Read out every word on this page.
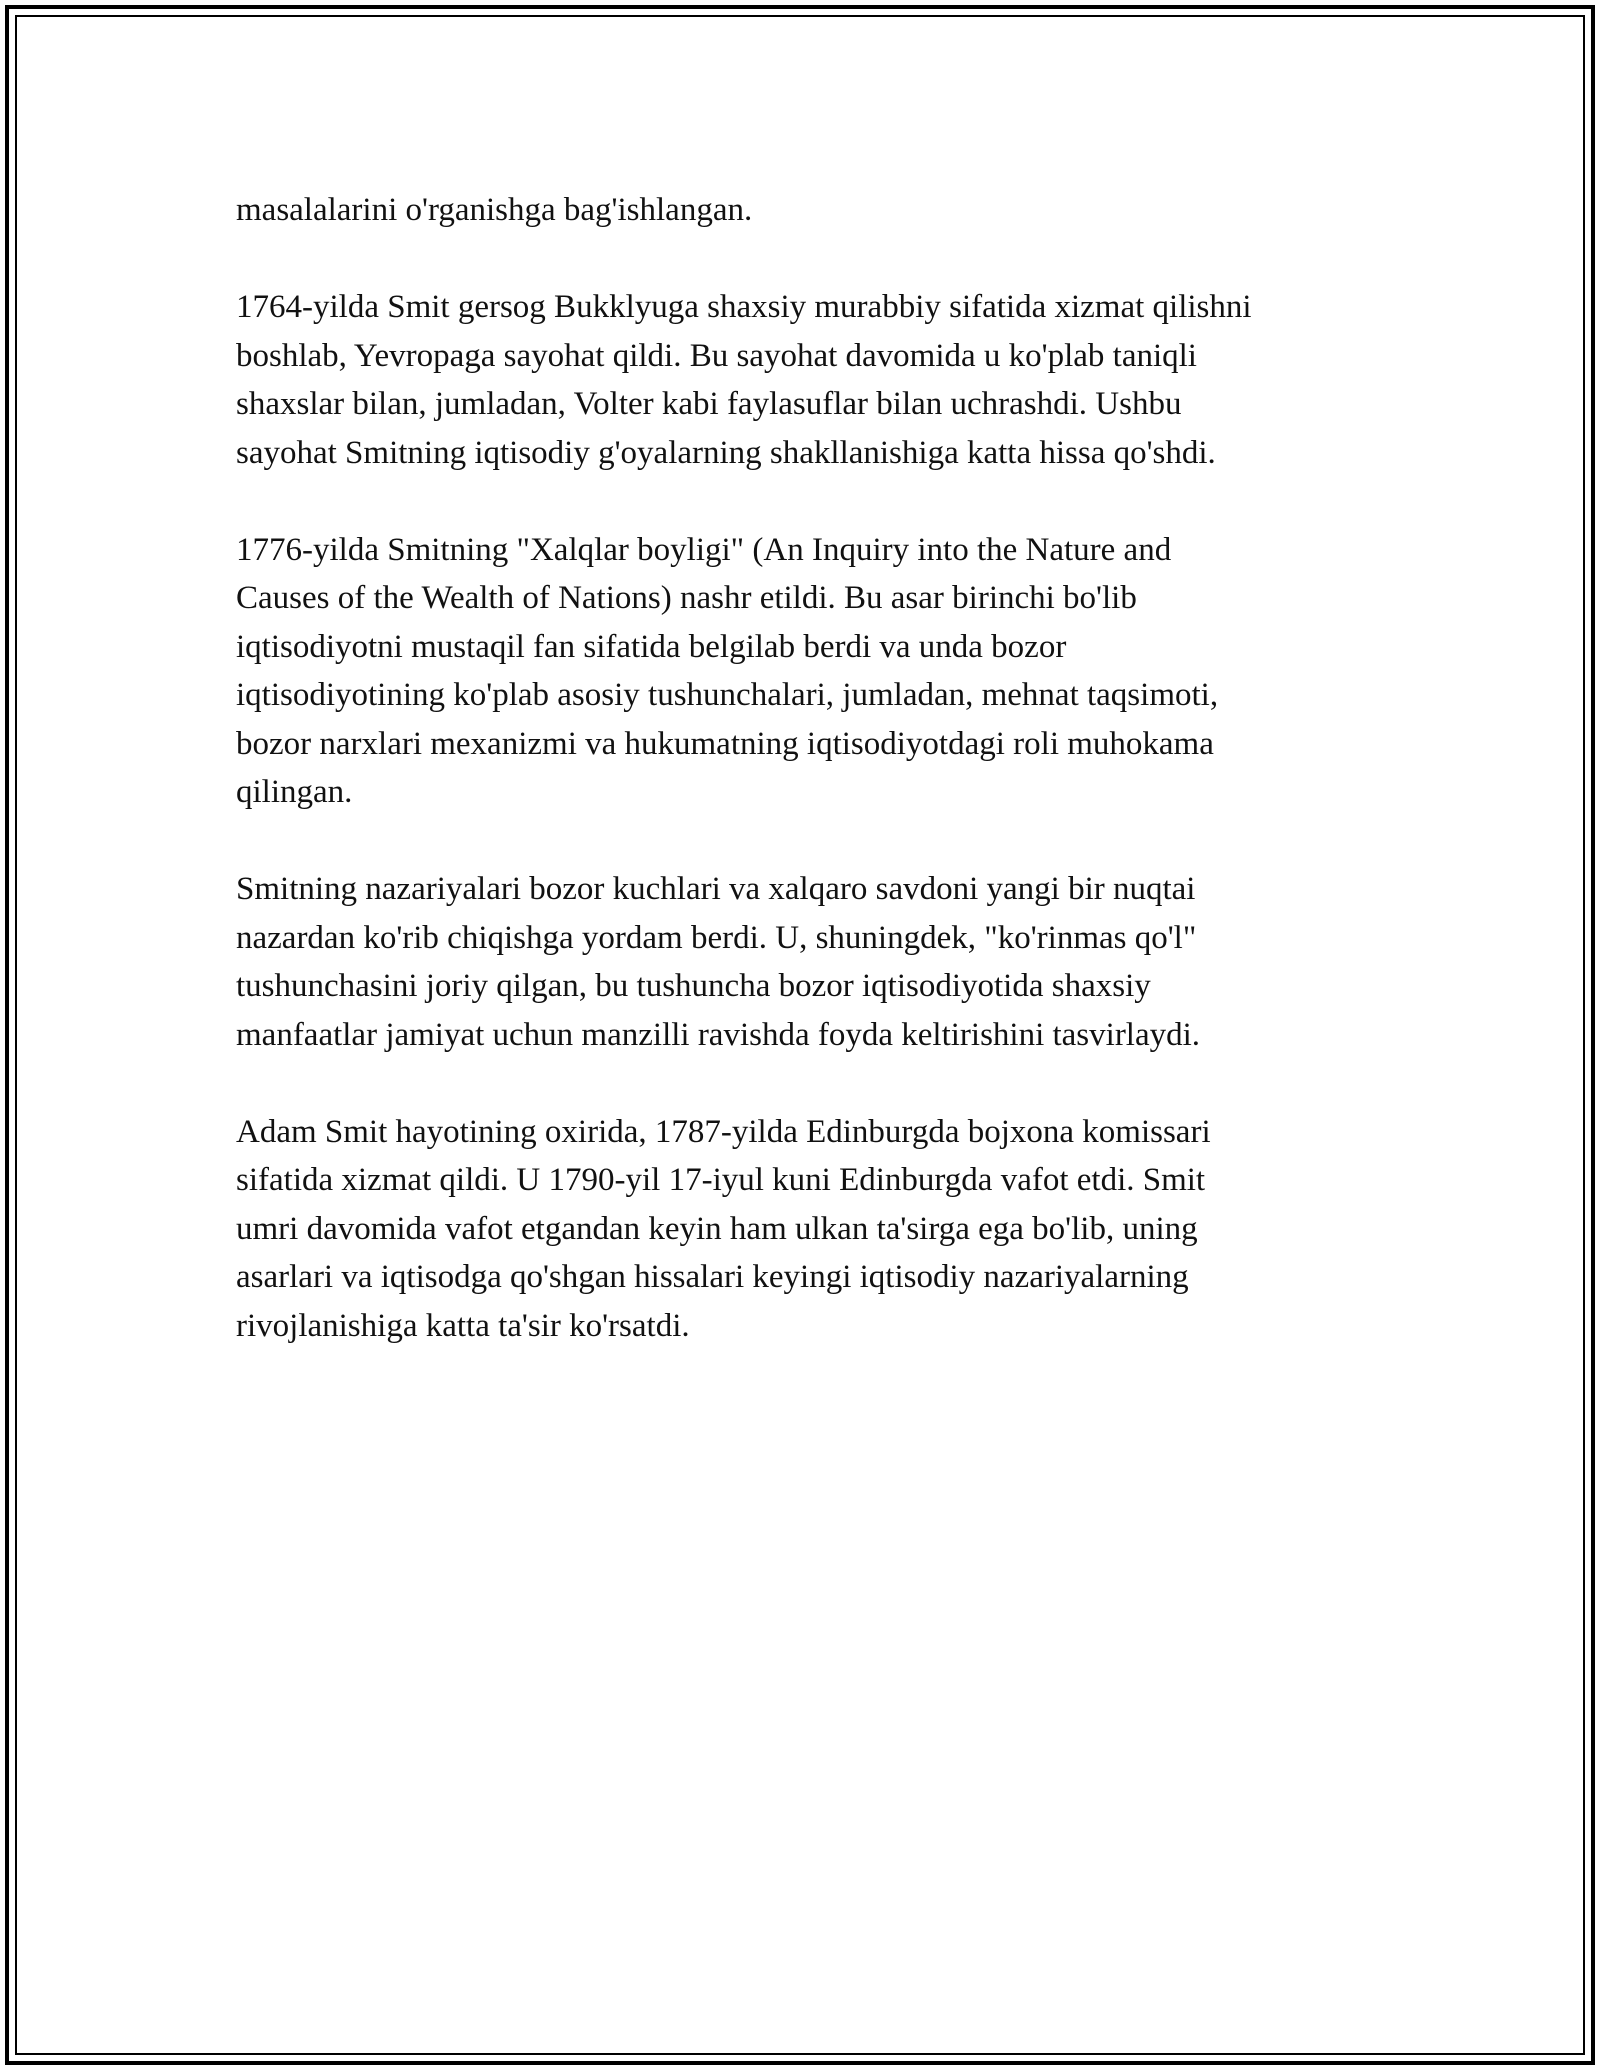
masalalarini o'rganishga bag'ishlangan.

1764-yilda Smit gersog Bukklyuga shaxsiy murabbiy sifatida xizmat qilishni
boshlab, Yevropaga sayohat qildi. Bu sayohat davomida u ko'plab taniqli
shaxslar bilan, jumladan, Volter kabi faylasuflar bilan uchrashdi. Ushbu
sayohat Smitning iqtisodiy g'oyalarning shakllanishiga katta hissa qo'shdi.

1776-yilda Smitning "Xalqlar boyligi" (An Inquiry into the Nature and
Causes of the Wealth of Nations) nashr etildi. Bu asar birinchi bo'lib
iqtisodiyotni mustaqil fan sifatida belgilab berdi va unda bozor
iqtisodiyotining ko'plab asosiy tushunchalari, jumladan, mehnat taqsimoti,
bozor narxlari mexanizmi va hukumatning iqtisodiyotdagi roli muhokama
qilingan.

Smitning nazariyalari bozor kuchlari va xalqaro savdoni yangi bir nuqtai
nazardan ko'rib chiqishga yordam berdi. U, shuningdek, "ko'rinmas qo'l"
tushunchasini joriy qilgan, bu tushuncha bozor iqtisodiyotida shaxsiy
manfaatlar jamiyat uchun manzilli ravishda foyda keltirishini tasvirlaydi.

Adam Smit hayotining oxirida, 1787-yilda Edinburgda bojxona komissari
sifatida xizmat qildi. U 1790-yil 17-iyul kuni Edinburgda vafot etdi. Smit
umri davomida vafot etgandan keyin ham ulkan ta'sirga ega bo'lib, uning
asarlari va iqtisodga qo'shgan hissalari keyingi iqtisodiy nazariyalarning
rivojlanishiga katta ta'sir ko'rsatdi.
